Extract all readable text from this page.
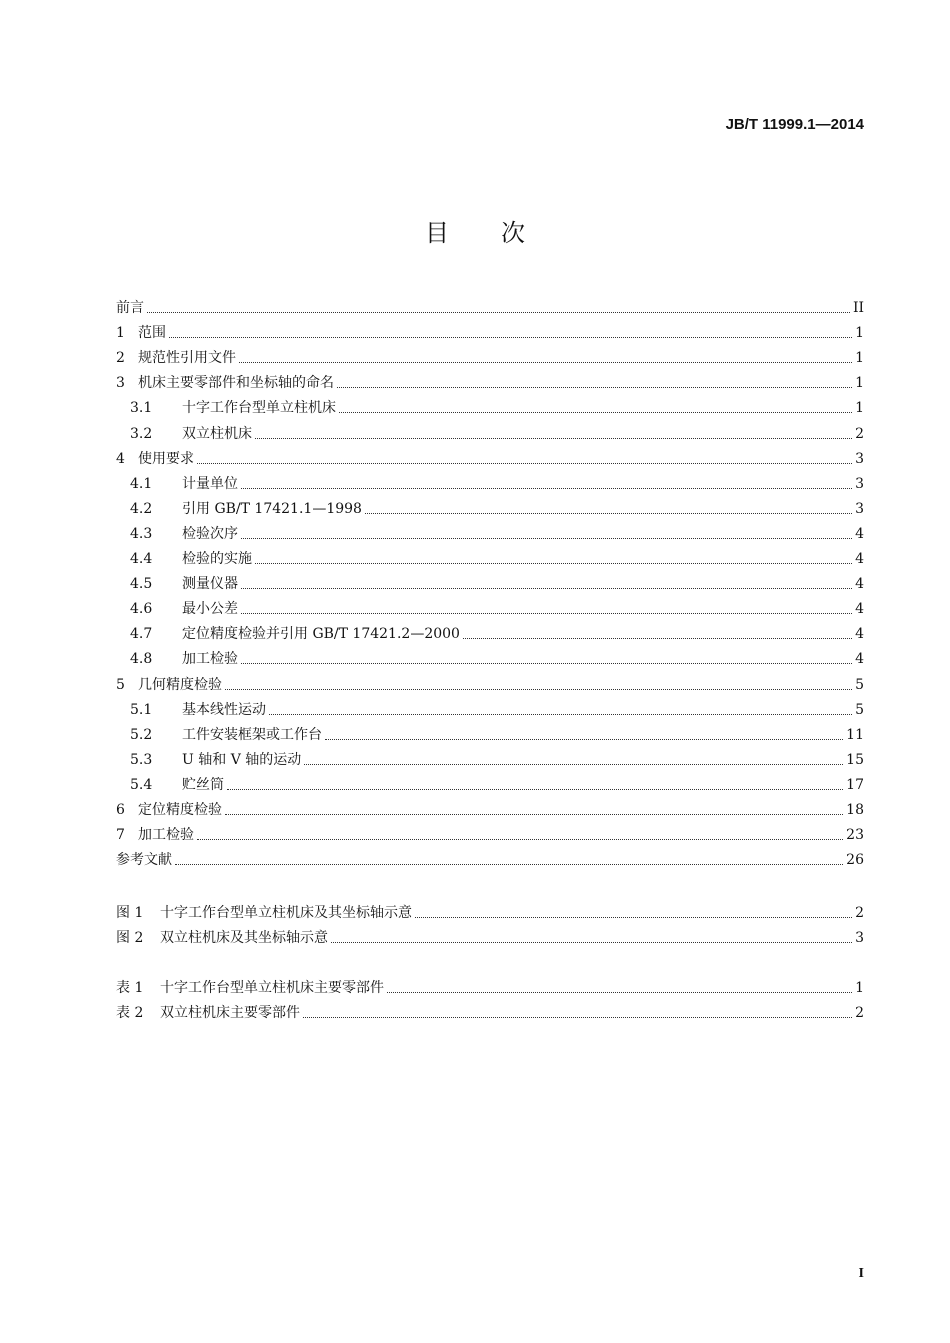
JB/T 11999.1—2014
目次
前言	II
1 范围	1
2 规范性引用文件	1
3 机床主要零部件和坐标轴的命名	1
3.1	十字工作台型单立柱机床	1
3.2	双立柱机床	2
4 使用要求	3
4.1	计量单位	3
4.2	引用 GB/T 17421.1—1998	3
4.3	检验次序	4
4.4	检验的实施	4
4.5	测量仪器	4
4.6	最小公差	4
4.7	定位精度检验并引用 GB/T 17421.2—2000	4
4.8	加工检验	4
5 几何精度检验	5
5.1	基本线性运动	5
5.2	工件安装框架或工作台	11
5.3	U 轴和 V 轴的运动	15
5.4	贮丝筒	17
6 定位精度检验	18
7 加工检验	23
参考文献	26
图 1	十字工作台型单立柱机床及其坐标轴示意	2
图 2	双立柱机床及其坐标轴示意	3
表 1	十字工作台型单立柱机床主要零部件	1
表 2	双立柱机床主要零部件	2
I
